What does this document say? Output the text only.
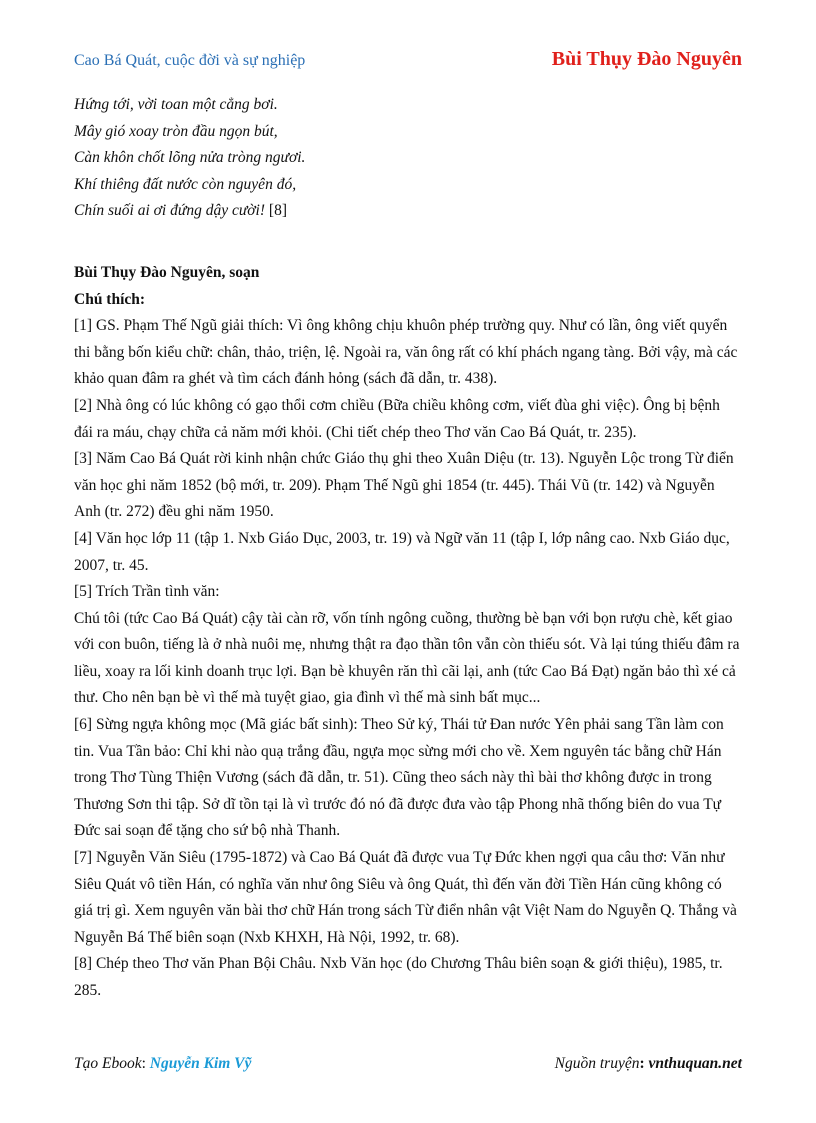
Cao Bá Quát, cuộc đời và sự nghiệp	Bùi Thụy Đào Nguyên
Hứng tới, vời toan một cẳng bơi.
Mây gió xoay tròn đầu ngọn bút,
Càn khôn chốt lõng nửa tròng ngươi.
Khí thiêng đất nước còn nguyên đó,
Chín suối ai ơi đứng dậy cười! [8]
Bùi Thụy Đào Nguyên, soạn
Chú thích:

[1] GS. Phạm Thế Ngũ giải thích: Vì ông không chịu khuôn phép trường quy. Như có lần, ông viết quyển thi bằng bốn kiểu chữ: chân, thảo, triện, lệ. Ngoài ra, văn ông rất có khí phách ngang tàng. Bởi vậy, mà các khảo quan đâm ra ghét và tìm cách đánh hỏng (sách đã dẫn, tr. 438).

[2] Nhà ông có lúc không có gạo thổi cơm chiều (Bữa chiều không cơm, viết đùa ghi việc). Ông bị bệnh đái ra máu, chạy chữa cả năm mới khỏi. (Chi tiết chép theo Thơ văn Cao Bá Quát, tr. 235).

[3] Năm Cao Bá Quát rời kinh nhận chức Giáo thụ ghi theo Xuân Diệu (tr. 13). Nguyễn Lộc trong Từ điển văn học ghi năm 1852 (bộ mới, tr. 209). Phạm Thế Ngũ ghi 1854 (tr. 445). Thái Vũ (tr. 142) và Nguyễn Anh (tr. 272) đều ghi năm 1950.

[4] Văn học lớp 11 (tập 1. Nxb Giáo Dục, 2003, tr. 19) và Ngữ văn 11 (tập I, lớp nâng cao. Nxb Giáo dục, 2007, tr. 45.

[5] Trích Trần tình văn:

Chú tôi (tức Cao Bá Quát) cậy tài càn rỡ, vốn tính ngông cuồng, thường bè bạn với bọn rượu chè, kết giao với con buôn, tiếng là ở nhà nuôi mẹ, nhưng thật ra đạo thần tôn vẫn còn thiếu sót. Và lại túng thiếu đâm ra liều, xoay ra lối kinh doanh trục lợi. Bạn bè khuyên răn thì cãi lại, anh (tức Cao Bá Đạt) ngăn bảo thì xé cả thư. Cho nên bạn bè vì thế mà tuyệt giao, gia đình vì thế mà sinh bất mục...

[6] Sừng ngựa không mọc (Mã giác bất sinh): Theo Sử ký, Thái tử Đan nước Yên phải sang Tần làm con tin. Vua Tần bảo: Chỉ khi nào quạ trắng đầu, ngựa mọc sừng mới cho về. Xem nguyên tác bằng chữ Hán trong Thơ Tùng Thiện Vương (sách đã dẫn, tr. 51). Cũng theo sách này thì bài thơ không được in trong Thương Sơn thi tập. Sở dĩ tồn tại là vì trước đó nó đã được đưa vào tập Phong nhã thống biên do vua Tự Đức sai soạn để tặng cho sứ bộ nhà Thanh.

[7] Nguyễn Văn Siêu (1795-1872) và Cao Bá Quát đã được vua Tự Đức khen ngợi qua câu thơ: Văn như Siêu Quát vô tiền Hán, có nghĩa văn như ông Siêu và ông Quát, thì đến văn đời Tiền Hán cũng không có giá trị gì. Xem nguyên văn bài thơ chữ Hán trong sách Từ điển nhân vật Việt Nam do Nguyễn Q. Thắng và Nguyễn Bá Thế biên soạn (Nxb KHXH, Hà Nội, 1992, tr. 68).

[8] Chép theo Thơ văn Phan Bội Châu. Nxb Văn học (do Chương Thâu biên soạn & giới thiệu), 1985, tr. 285.

Tạo Ebook: Nguyễn Kim Vỹ	Nguồn truyện: vnthuquan.net
